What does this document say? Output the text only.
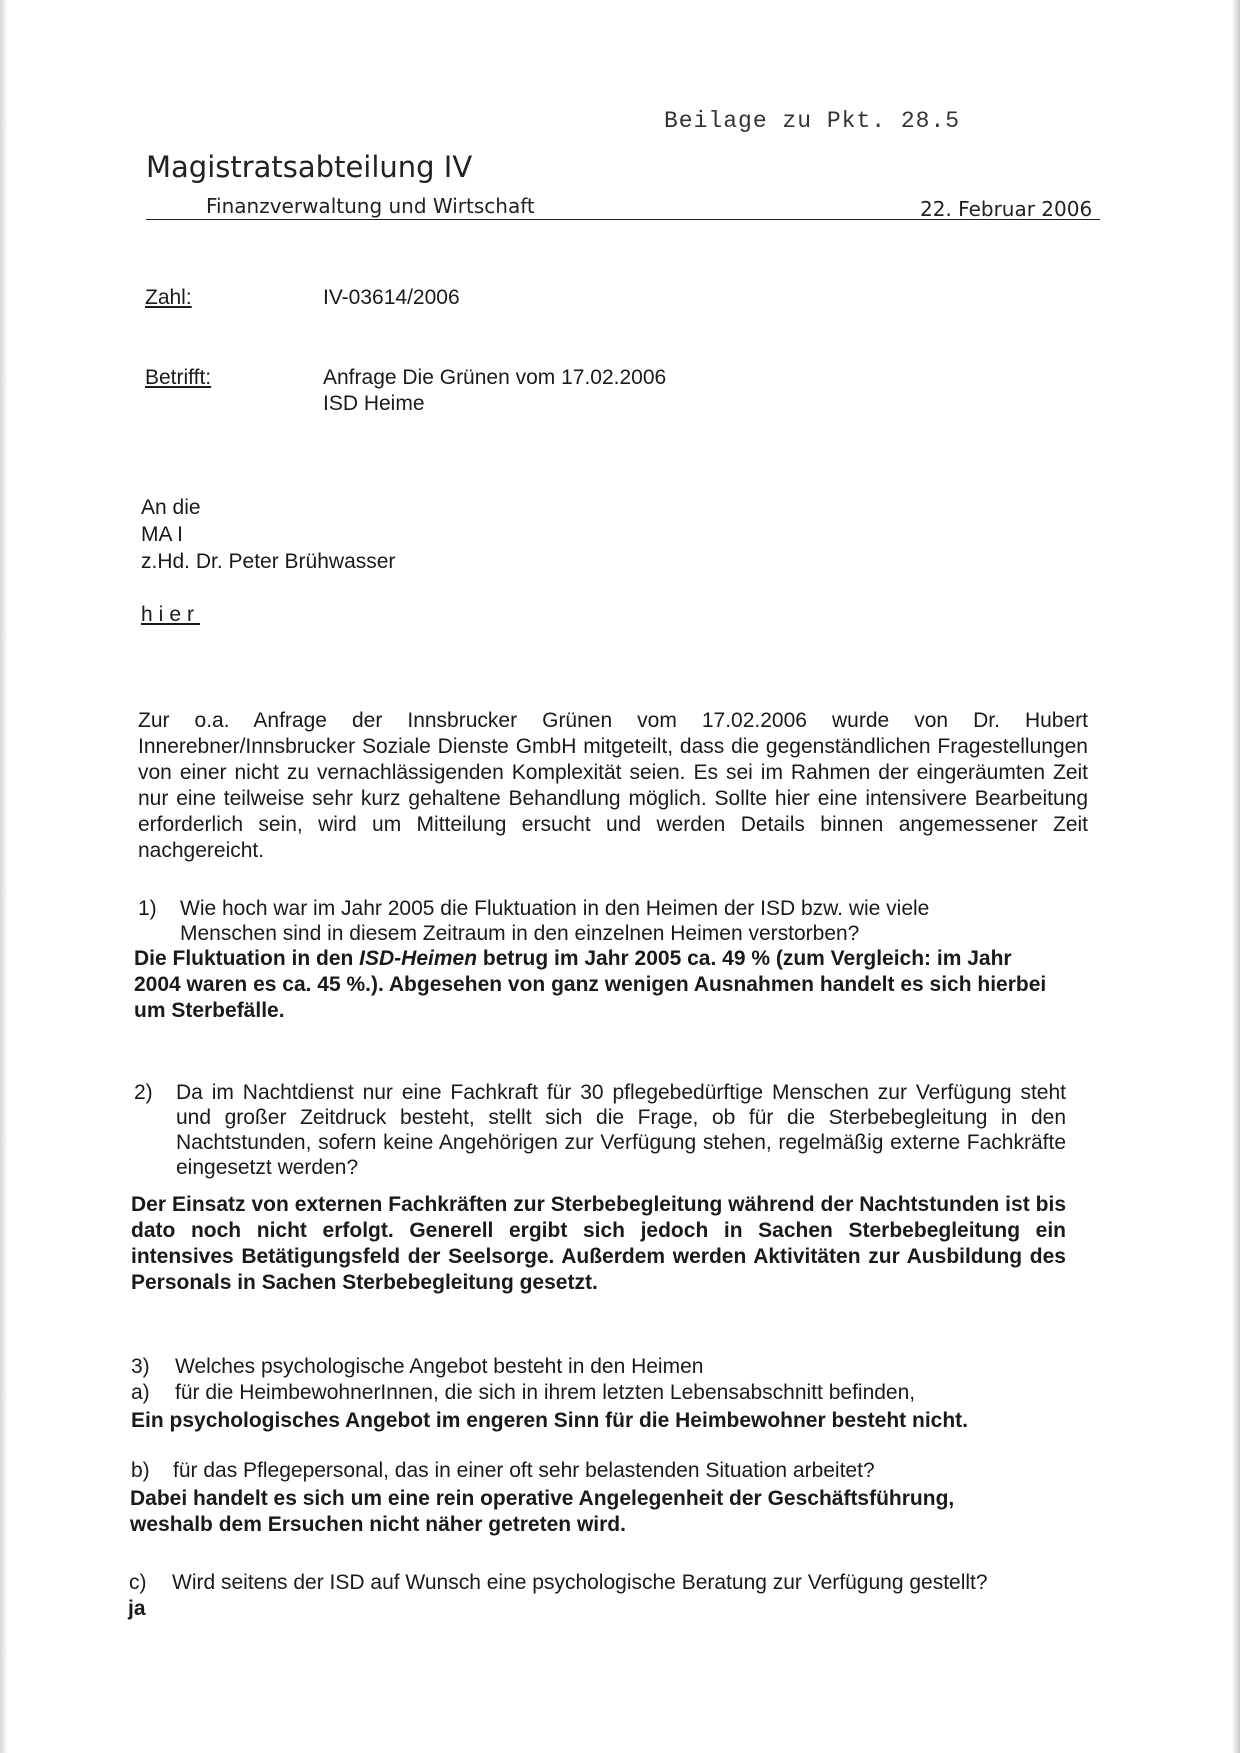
Beilage zu Pkt. 28.5
Magistratsabteilung IV
Finanzverwaltung und Wirtschaft	22. Februar 2006
Zahl:	IV-03614/2006
Betrifft:	Anfrage Die Grünen vom 17.02.2006
ISD Heime
An die
MA I
z.Hd. Dr. Peter Brühwasser
hier
Zur o.a. Anfrage der Innsbrucker Grünen vom 17.02.2006 wurde von Dr. Hubert Innerebner/Innsbrucker Soziale Dienste GmbH mitgeteilt, dass die gegenständlichen Fragestellungen von einer nicht zu vernachlässigenden Komplexität seien. Es sei im Rahmen der eingeräumten Zeit nur eine teilweise sehr kurz gehaltene Behandlung möglich. Sollte hier eine intensivere Bearbeitung erforderlich sein, wird um Mitteilung ersucht und werden Details binnen angemessener Zeit nachgereicht.
1) Wie hoch war im Jahr 2005 die Fluktuation in den Heimen der ISD bzw. wie viele
Menschen sind in diesem Zeitraum in den einzelnen Heimen verstorben?
Die Fluktuation in den ISD-Heimen betrug im Jahr 2005 ca. 49 % (zum Vergleich: im Jahr 2004 waren es ca. 45 %.). Abgesehen von ganz wenigen Ausnahmen handelt es sich hierbei um Sterbefälle.
2) Da im Nachtdienst nur eine Fachkraft für 30 pflegebedürftige Menschen zur Verfügung steht und großer Zeitdruck besteht, stellt sich die Frage, ob für die Sterbebegleitung in den Nachtstunden, sofern keine Angehörigen zur Verfügung stehen, regelmäßig externe Fachkräfte eingesetzt werden?
Der Einsatz von externen Fachkräften zur Sterbebegleitung während der Nachtstunden ist bis dato noch nicht erfolgt. Generell ergibt sich jedoch in Sachen Sterbebegleitung ein intensives Betätigungsfeld der Seelsorge. Außerdem werden Aktivitäten zur Ausbildung des Personals in Sachen Sterbebegleitung gesetzt.
3) Welches psychologische Angebot besteht in den Heimen
a) für die HeimbewohnerInnen, die sich in ihrem letzten Lebensabschnitt befinden,
Ein psychologisches Angebot im engeren Sinn für die Heimbewohner besteht nicht.
b) für das Pflegepersonal, das in einer oft sehr belastenden Situation arbeitet?
Dabei handelt es sich um eine rein operative Angelegenheit der Geschäftsführung,
weshalb dem Ersuchen nicht näher getreten wird.
c) Wird seitens der ISD auf Wunsch eine psychologische Beratung zur Verfügung gestellt?
ja
